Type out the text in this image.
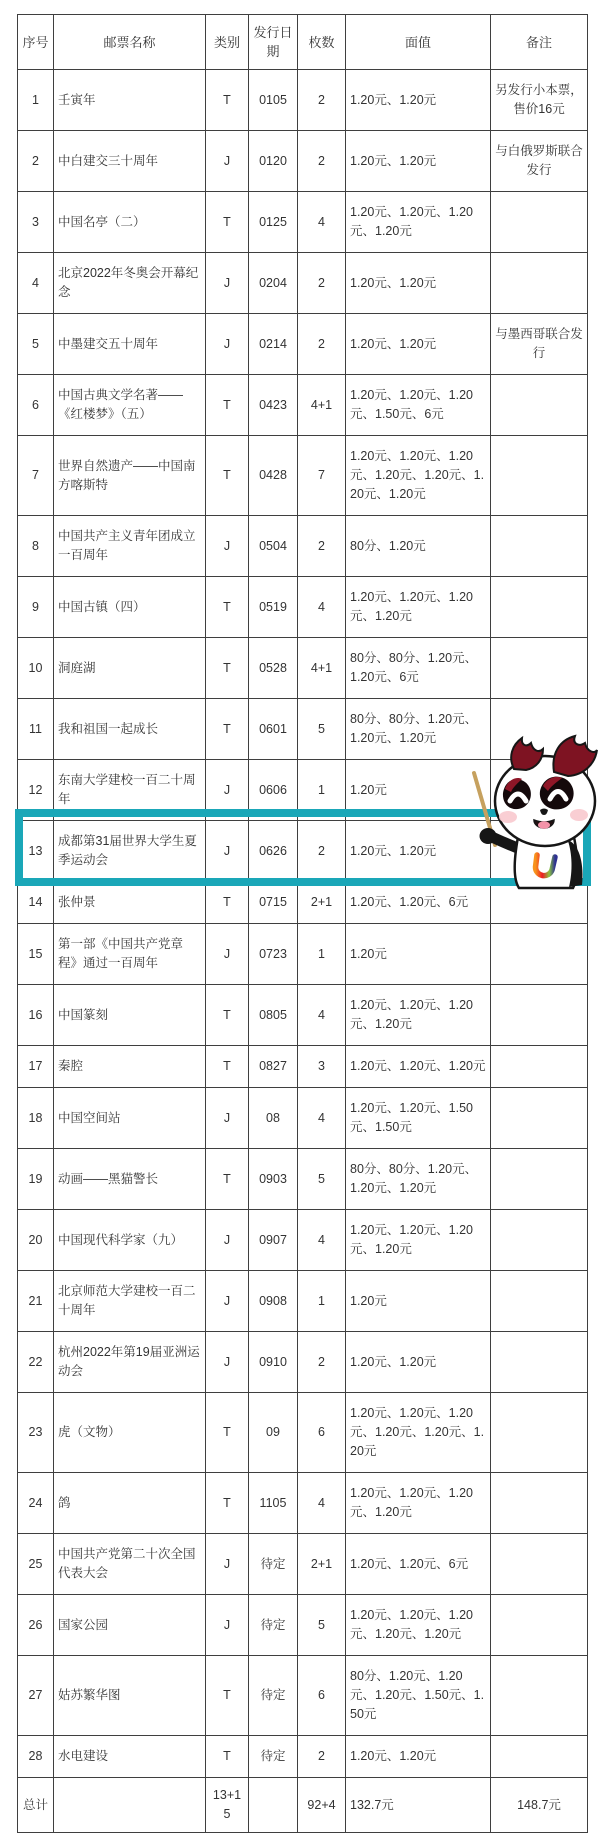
序号	邮票名称	类别	发行日期	枚数	面值	备注
1	壬寅年	T	0105	2	1.20元、1.20元	另发行小本票，售价16元
2	中白建交三十周年	J	0120	2	1.20元、1.20元	与白俄罗斯联合发行
3	中国名亭（二）	T	0125	4	1.20元、1.20元、1.20元、1.20元	
4	北京2022年冬奥会开幕纪念	J	0204	2	1.20元、1.20元	
5	中墨建交五十周年	J	0214	2	1.20元、1.20元	与墨西哥联合发行
6	中国古典文学名著——《红楼梦》（五）	T	0423	4+1	1.20元、1.20元、1.20元、1.50元、6元	
7	世界自然遗产——中国南方喀斯特	T	0428	7	1.20元、1.20元、1.20元、1.20元、1.20元、1.20元、1.20元	
8	中国共产主义青年团成立一百周年	J	0504	2	80分、1.20元	
9	中国古镇（四）	T	0519	4	1.20元、1.20元、1.20元、1.20元	
10	洞庭湖	T	0528	4+1	80分、80分、1.20元、1.20元、6元	
11	我和祖国一起成长	T	0601	5	80分、80分、1.20元、1.20元、1.20元	
12	东南大学建校一百二十周年	J	0606	1	1.20元	
13	成都第31届世界大学生夏季运动会	J	0626	2	1.20元、1.20元		
14	张仲景	T	0715	2+1	1.20元、1.20元、6元	
15	第一部《中国共产党章程》通过一百周年	J	0723	1	1.20元	
16	中国篆刻	T	0805	4	1.20元、1.20元、1.20元、1.20元	
17	秦腔	T	0827	3	1.20元、1.20元、1.20元	
18	中国空间站	J	08	4	1.20元、1.20元、1.50元、1.50元	
19	动画——黑猫警长	T	0903	5	80分、80分、1.20元、1.20元、1.20元	
20	中国现代科学家（九）	J	0907	4	1.20元、1.20元、1.20元、1.20元	
21	北京师范大学建校一百二十周年	J	0908	1	1.20元	
22	杭州2022年第19届亚洲运动会	J	0910	2	1.20元、1.20元	
23	虎（文物）	T	09	6	1.20元、1.20元、1.20元、1.20元、1.20元、1.20元	
24	鸽	T	1105	4	1.20元、1.20元、1.20元、1.20元	
25	中国共产党第二十次全国代表大会	J	待定	2+1	1.20元、1.20元、6元	
26	国家公园	J	待定	5	1.20元、1.20元、1.20元、1.20元、1.20元	
27	姑苏繁华图	T	待定	6	80分、1.20元、1.20元、1.20元、1.50元、1.50元	
28	水电建设	T	待定	2	1.20元、1.20元	
总计		13+15		92+4	132.7元	148.7元
